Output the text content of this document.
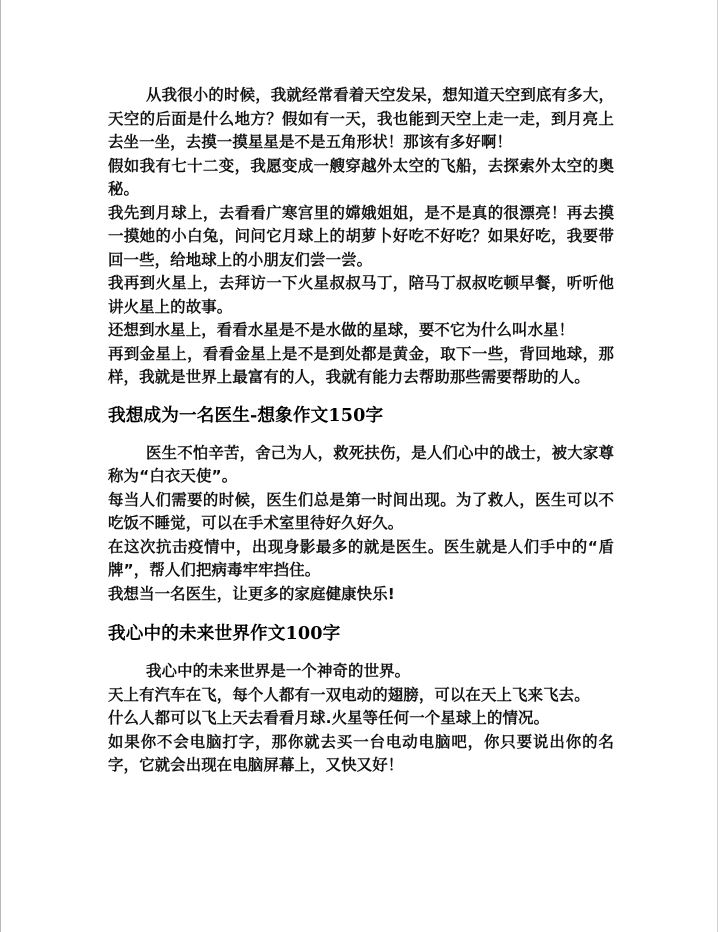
从我很小的时候，我就经常看着天空发呆，想知道天空到底有多大，天空的后面是什么地方？假如有一天，我也能到天空上走一走，到月亮上去坐一坐，去摸一摸星星是不是五角形状！那该有多好啊！

假如我有七十二变，我愿变成一艘穿越外太空的飞船，去探索外太空的奥秘。

我先到月球上，去看看广寒宫里的嫦娥姐姐，是不是真的很漂亮！再去摸一摸她的小白兔，问问它月球上的胡萝卜好吃不好吃？如果好吃，我要带回一些，给地球上的小朋友们尝一尝。

我再到火星上，去拜访一下火星叔叔马丁，陪马丁叔叔吃顿早餐，听听他讲火星上的故事。

还想到水星上，看看水星是不是水做的星球，要不它为什么叫水星！

再到金星上，看看金星上是不是到处都是黄金，取下一些，背回地球，那样，我就是世界上最富有的人，我就有能力去帮助那些需要帮助的人。

我想成为一名医生-想象作文150字

医生不怕辛苦，舍己为人，救死扶伤，是人们心中的战士，被大家尊称为“白衣天使”。

每当人们需要的时候，医生们总是第一时间出现。为了救人，医生可以不吃饭不睡觉，可以在手术室里待好久好久。

在这次抗击疫情中，出现身影最多的就是医生。医生就是人们手中的“盾牌”，帮人们把病毒牢牢挡住。

我想当一名医生，让更多的家庭健康快乐!

我心中的未来世界作文100字

我心中的未来世界是一个神奇的世界。

天上有汽车在飞，每个人都有一双电动的翅膀，可以在天上飞来飞去。

什么人都可以飞上天去看看月球.火星等任何一个星球上的情况。

如果你不会电脑打字，那你就去买一台电动电脑吧，你只要说出你的名字，它就会出现在电脑屏幕上，又快又好！
